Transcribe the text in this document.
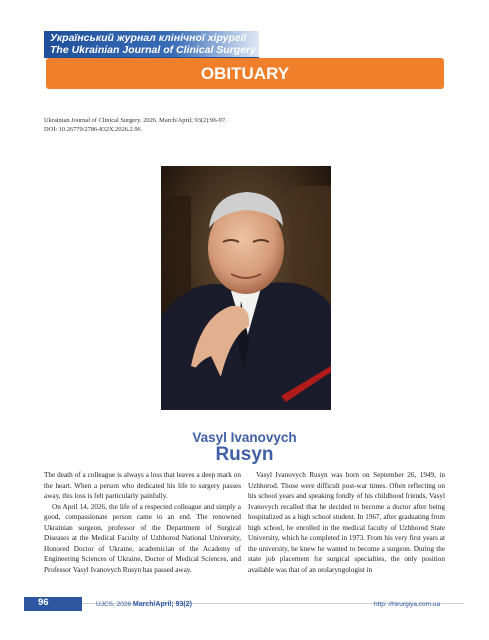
Український журнал клінічної хірургії
The Ukrainian Journal of Clinical Surgery
OBITUARY
Ukrainian Journal of Clinical Surgery. 2026. March/April; 93(2):96-97.
DOI: 10.26779/2786-832X.2026.2.96
Vasyl Ivanovych
Rusyn

The death of a colleague is always a loss that leaves a deep mark on the heart. When a person who dedicated his life to surgery passes away, this loss is felt particularly painfully.

On April 14, 2026, the life of a respected colleague and simply a good, compassionate person came to an end. The renowned Ukrainian surgeon, professor of the Department of Surgical Diseases at the Medical Faculty of Uzhhorod National University, Honored Doctor of Ukraine, academician of the Academy of Engineering Sciences of Ukraine, Doctor of Medical Sciences, and Professor Vasyl Ivanovych Rusyn has passed away.

Vasyl Ivanovych Rusyn was born on September 26, 1949, in Uzhhorod. Those were difficult post-war times. Often reflecting on his school years and speaking fondly of his childhood friends, Vasyl Ivanovych recalled that he decided to become a doctor after being hospitalized as a high school student. In 1967, after graduating from high school, he enrolled in the medical faculty of Uzhhorod State University, which he completed in 1973. From his very first years at the university, he knew he wanted to become a surgeon. During the state job placement for surgical specialties, the only position available was that of an otolaryngologist in

96	UJCS, 2026 March/April; 93(2)	http: //hirurgiya.com.ua
